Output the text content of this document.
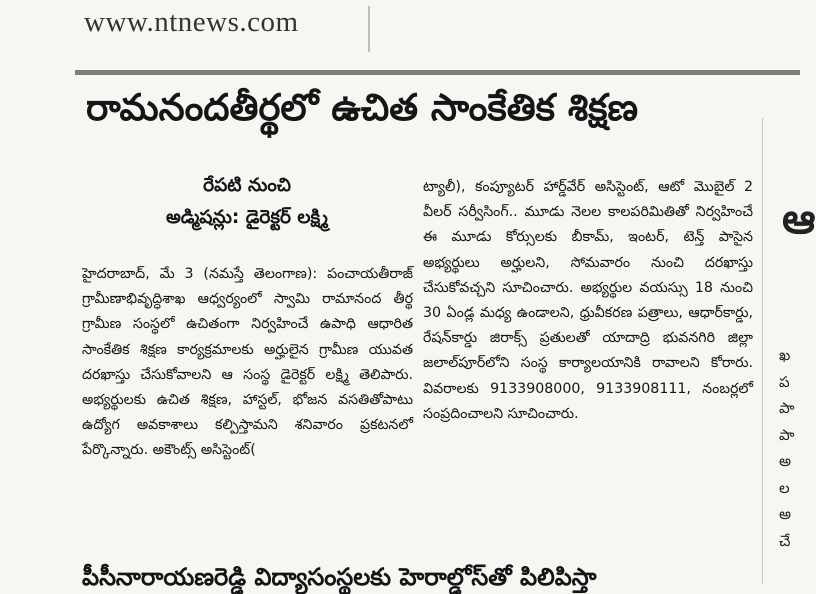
www.ntnews.com
రామనందతీర్థలో ఉచిత సాంకేతిక శిక్షణ
రేపటి నుంచి
అడ్మిషన్లు: డైరెక్టర్ లక్ష్మి

హైదరాబాద్, మే 3 (నమస్తే తెలంగాణ): పంచాయతీరాజ్ గ్రామీణాభివృద్ధిశాఖ ఆధ్వర్యంలో స్వామి రామానంద తీర్థ గ్రామీణ సంస్థలో ఉచితంగా నిర్వహించే ఉపాధి ఆధారిత సాంకేతిక శిక్షణ కార్యక్రమాలకు అర్హులైన గ్రామీణ యువత దరఖాస్తు చేసుకోవాలని ఆ సంస్థ డైరెక్టర్ లక్ష్మి తెలిపారు. అభ్యర్థులకు ఉచిత శిక్షణ, హాస్టల్, భోజన వసతితోపాటు ఉద్యోగ అవకాశాలు కల్పిస్తామని శనివారం ప్రకటనలో పేర్కొన్నారు. అకౌంట్స్ అసిస్టెంట్(

ట్యాలీ), కంప్యూటర్ హార్డ్‌వేర్ అసిస్టెంట్, ఆటో మొబైల్ 2 వీలర్ సర్వీసింగ్.. మూడు నెలల కాలపరిమితితో నిర్వహించే ఈ మూడు కోర్సులకు బీకామ్, ఇంటర్, టెన్త్ పాసైన అభ్యర్థులు అర్హులని, సోమవారం నుంచి దరఖాస్తు చేసుకోవచ్చని సూచించారు. అభ్యర్థుల వయస్సు 18 నుంచి 30 ఏండ్ల మధ్య ఉండాలని, ధ్రువీకరణ పత్రాలు, ఆధార్‌కార్డు, రేషన్‌కార్డు జిరాక్స్ ప్రతులతో యాదాద్రి భువనగిరి జిల్లా జలాల్‌పూర్‌లోని సంస్థ కార్యాలయానికి రావాలని కోరారు. వివరాలకు 9133908000, 9133908111, నంబర్లలో సంప్రదించాలని సూచించారు.

ఆ
ఖ
ప
పా
పా
అ
ల
అ
చే
పీసీనారాయణరెడ్డి విద్యాసంస్థలకు హెరాల్డోస్‌తో పిలిపిస్తా
